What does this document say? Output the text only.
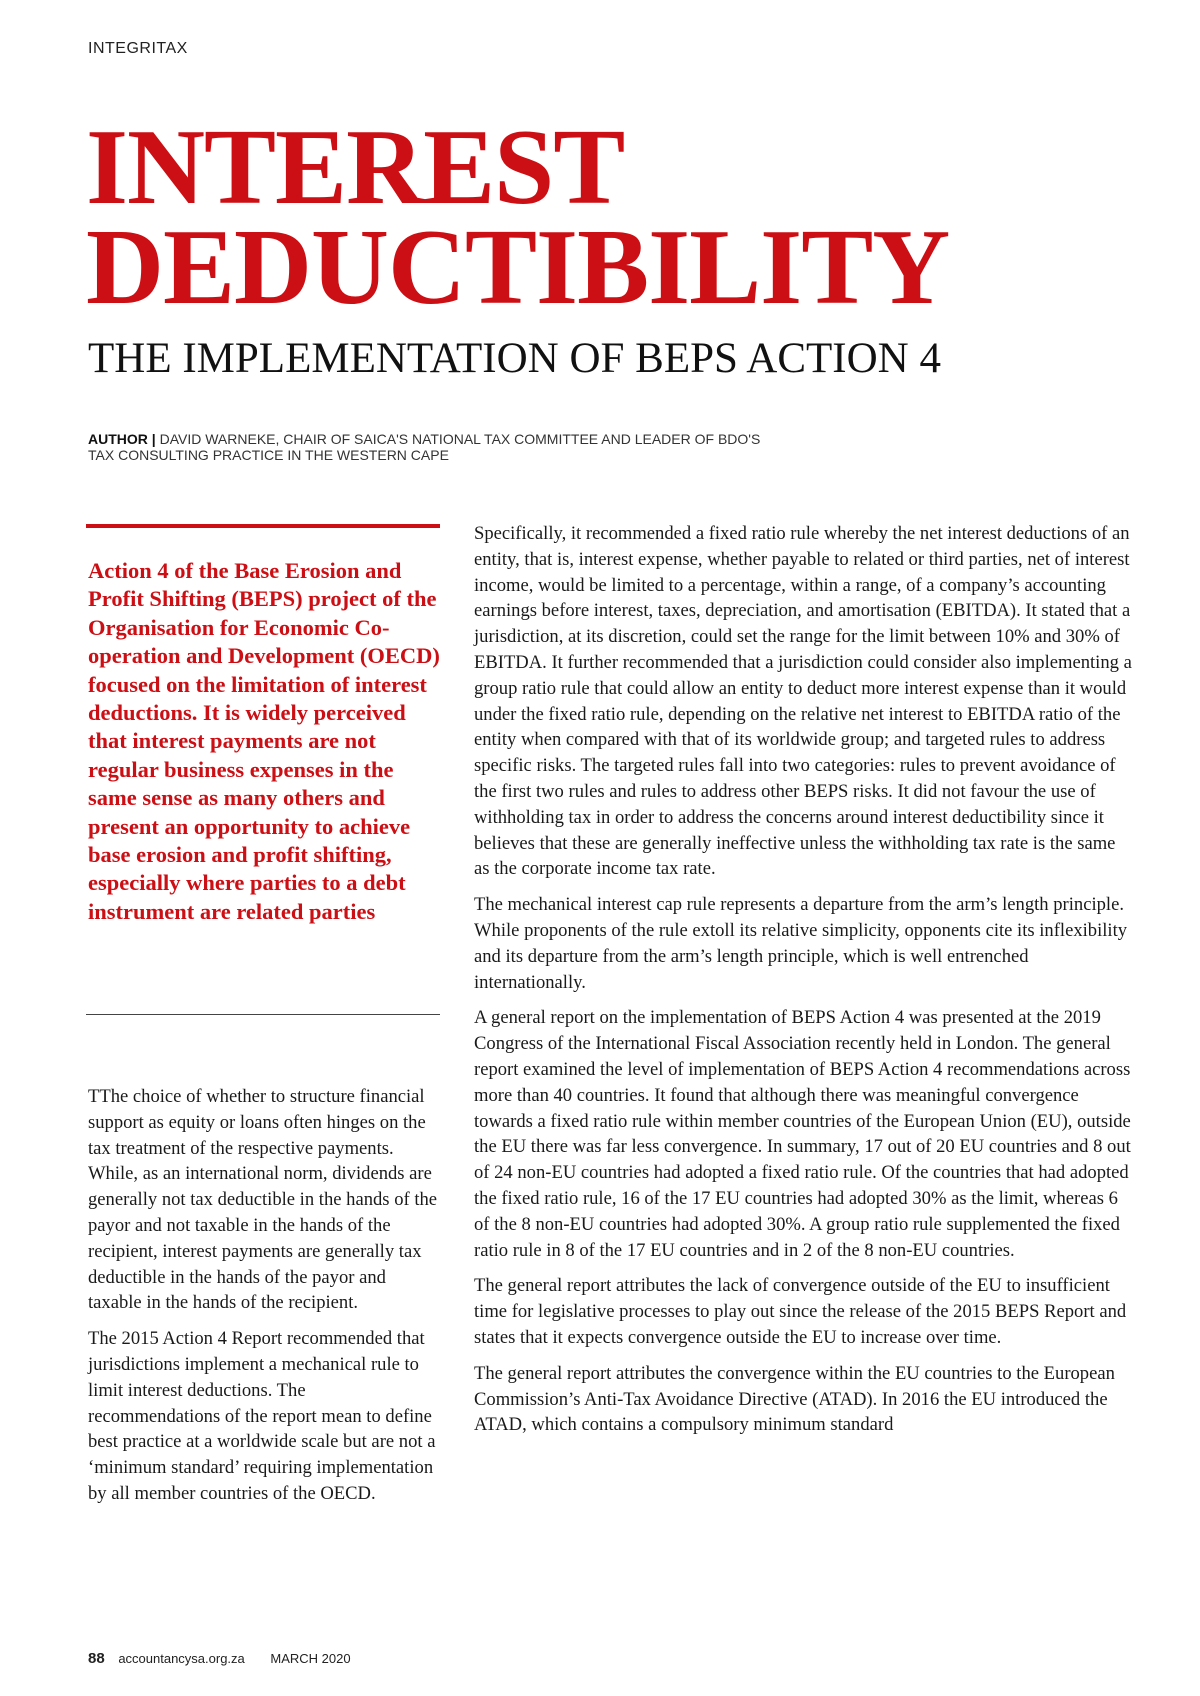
INTEGRITAX
INTEREST
DEDUCTIBILITY
THE IMPLEMENTATION OF BEPS ACTION 4
AUTHOR | DAVID WARNEKE, CHAIR OF SAICA'S NATIONAL TAX COMMITTEE AND LEADER OF BDO'S TAX CONSULTING PRACTICE IN THE WESTERN CAPE

Action 4 of the Base Erosion and Profit Shifting (BEPS) project of the Organisation for Economic Co-operation and Development (OECD) focused on the limitation of interest deductions. It is widely perceived that interest payments are not regular business expenses in the same sense as many others and present an opportunity to achieve base erosion and profit shifting, especially where parties to a debt instrument are related parties

TThe choice of whether to structure financial support as equity or loans often hinges on the tax treatment of the respective payments. While, as an international norm, dividends are generally not tax deductible in the hands of the payor and not taxable in the hands of the recipient, interest payments are generally tax deductible in the hands of the payor and taxable in the hands of the recipient.

The 2015 Action 4 Report recommended that jurisdictions implement a mechanical rule to limit interest deductions. The recommendations of the report mean to define best practice at a worldwide scale but are not a ‘minimum standard’ requiring implementation by all member countries of the OECD.

Specifically, it recommended a fixed ratio rule whereby the net interest deductions of an entity, that is, interest expense, whether payable to related or third parties, net of interest income, would be limited to a percentage, within a range, of a company’s accounting earnings before interest, taxes, depreciation, and amortisation (EBITDA). It stated that a jurisdiction, at its discretion, could set the range for the limit between 10% and 30% of EBITDA. It further recommended that a jurisdiction could consider also implementing a group ratio rule that could allow an entity to deduct more interest expense than it would under the fixed ratio rule, depending on the relative net interest to EBITDA ratio of the entity when compared with that of its worldwide group; and targeted rules to address specific risks. The targeted rules fall into two categories: rules to prevent avoidance of the first two rules and rules to address other BEPS risks. It did not favour the use of withholding tax in order to address the concerns around interest deductibility since it believes that these are generally ineffective unless the withholding tax rate is the same as the corporate income tax rate.

The mechanical interest cap rule represents a departure from the arm’s length principle. While proponents of the rule extoll its relative simplicity, opponents cite its inflexibility and its departure from the arm’s length principle, which is well entrenched internationally.

A general report on the implementation of BEPS Action 4 was presented at the 2019 Congress of the International Fiscal Association recently held in London. The general report examined the level of implementation of BEPS Action 4 recommendations across more than 40 countries. It found that although there was meaningful convergence towards a fixed ratio rule within member countries of the European Union (EU), outside the EU there was far less convergence. In summary, 17 out of 20 EU countries and 8 out of 24 non-EU countries had adopted a fixed ratio rule. Of the countries that had adopted the fixed ratio rule, 16 of the 17 EU countries had adopted 30% as the limit, whereas 6 of the 8 non-EU countries had adopted 30%. A group ratio rule supplemented the fixed ratio rule in 8 of the 17 EU countries and in 2 of the 8 non-EU countries.

The general report attributes the lack of convergence outside of the EU to insufficient time for legislative processes to play out since the release of the 2015 BEPS Report and states that it expects convergence outside the EU to increase over time.

The general report attributes the convergence within the EU countries to the European Commission’s Anti-Tax Avoidance Directive (ATAD). In 2016 the EU introduced the ATAD, which contains a compulsory minimum standard

88 accountancysa.org.za MARCH 2020
